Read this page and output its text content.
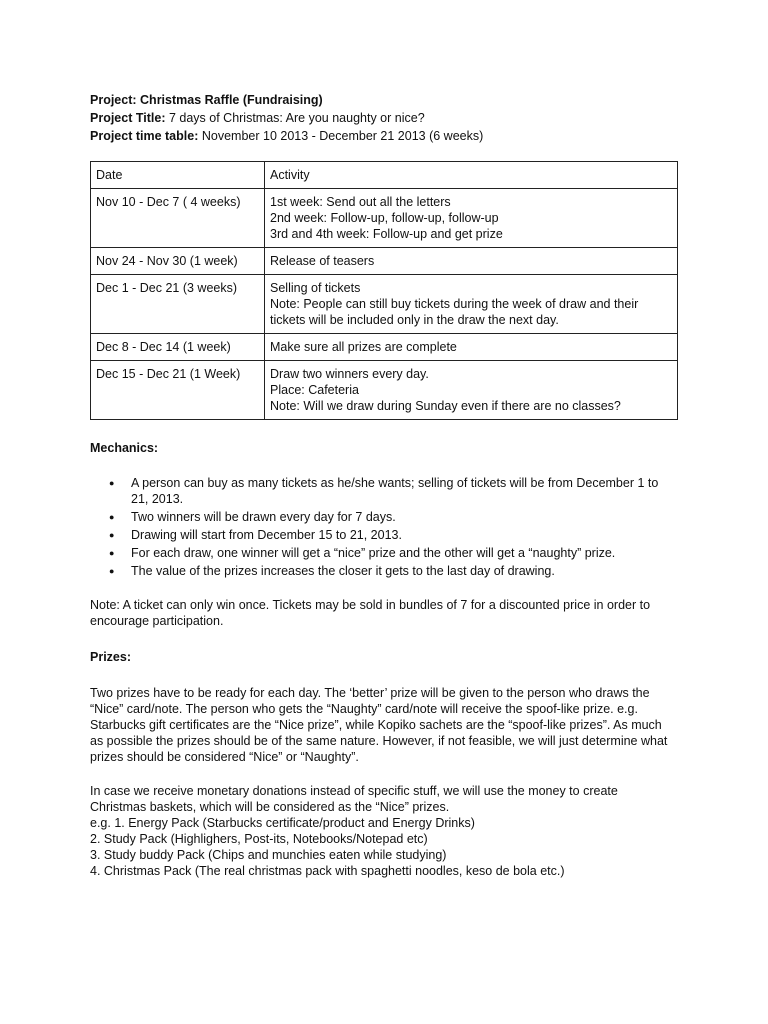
Project: Christmas Raffle (Fundraising)
Project Title: 7 days of Christmas: Are you naughty or nice?
Project time table: November 10 2013 - December 21 2013 (6 weeks)
Date	Activity
Nov 10 - Dec 7 ( 4 weeks)	1st week: Send out all the letters
2nd week: Follow-up, follow-up, follow-up
3rd and 4th week: Follow-up and get prize

Nov 24 - Nov 30 (1 week)	Release of teasers

Dec 1 - Dec 21 (3 weeks)	Selling of tickets
Note: People can still buy tickets during the week of draw and their
tickets will be included only in the draw the next day.

Dec 8 - Dec 14 (1 week)	Make sure all prizes are complete

Dec 15 - Dec 21 (1 Week)	Draw two winners every day.
Place: Cafeteria
Note: Will we draw during Sunday even if there are no classes?
Mechanics:
● A person can buy as many tickets as he/she wants; selling of tickets will be from December 1 to
21, 2013.
● Two winners will be drawn every day for 7 days.
● Drawing will start from December 15 to 21, 2013.
● For each draw, one winner will get a “nice” prize and the other will get a “naughty” prize.
● The value of the prizes increases the closer it gets to the last day of drawing.

Note: A ticket can only win once. Tickets may be sold in bundles of 7 for a discounted price in order to
encourage participation.

Prizes:

Two prizes have to be ready for each day. The ‘better’ prize will be given to the person who draws the
“Nice” card/note. The person who gets the “Naughty” card/note will receive the spoof-like prize. e.g.
Starbucks gift certificates are the “Nice prize”, while Kopiko sachets are the “spoof-like prizes”. As much
as possible the prizes should be of the same nature. However, if not feasible, we will just determine what
prizes should be considered “Nice” or “Naughty”.

In case we receive monetary donations instead of specific stuff, we will use the money to create
Christmas baskets, which will be considered as the “Nice” prizes.
e.g. 1. Energy Pack (Starbucks certificate/product and Energy Drinks)
2. Study Pack (Highlighers, Post-its, Notebooks/Notepad etc)
3. Study buddy Pack (Chips and munchies eaten while studying)
4. Christmas Pack (The real christmas pack with spaghetti noodles, keso de bola etc.)
